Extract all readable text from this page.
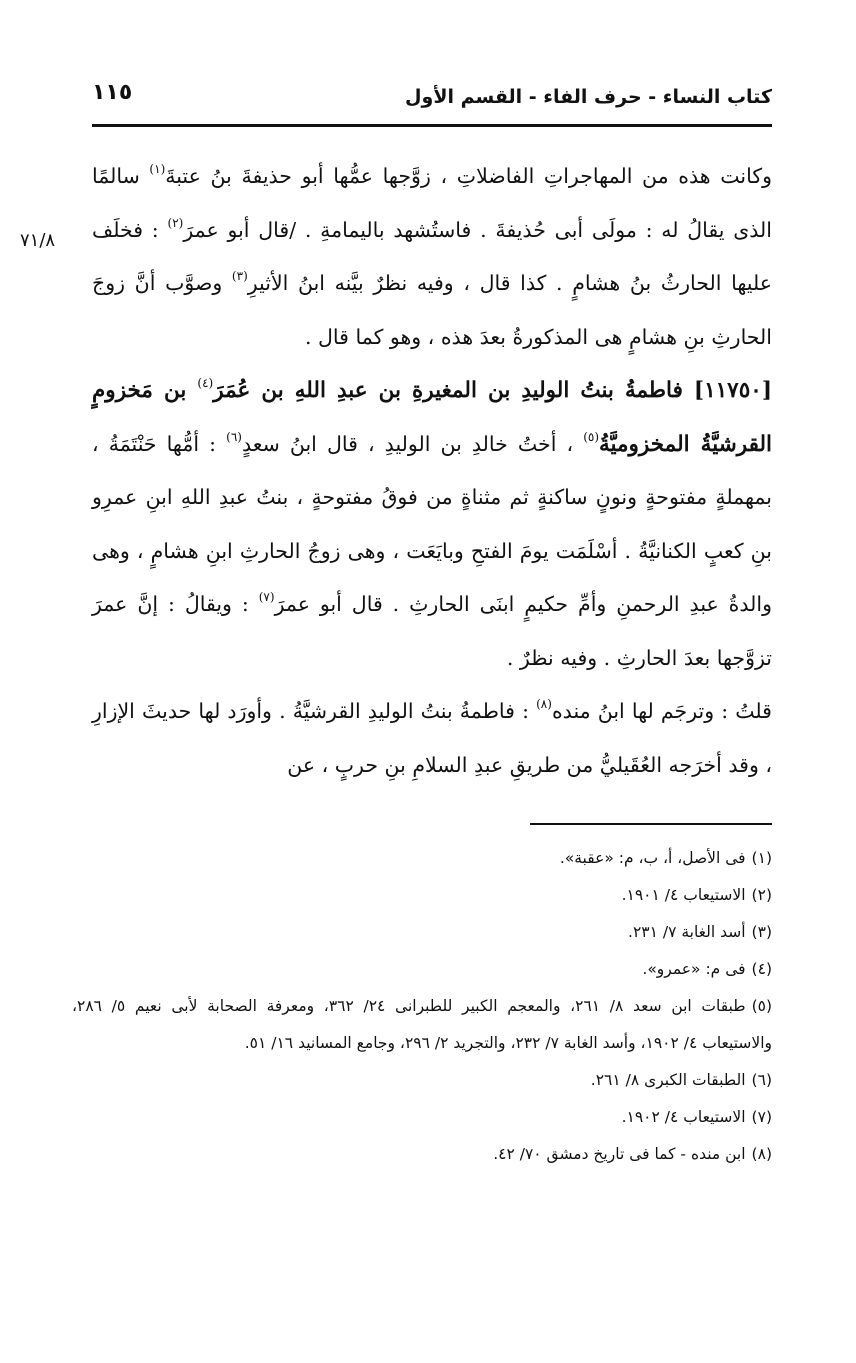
كتاب النساء - حرف الفاء - القسم الأول
١١٥
٧١/٨

وكانت هذه من المهاجراتِ الفاضلاتِ ، زوَّجها عمُّها أبو حذيفةَ بنُ عتبةَ$^{(١)}$ سالمًا الذى يقالُ له : مولَى أبى حُذيفةَ . فاستُشهد باليمامةِ . /قال أبو عمرَ$^{(٢)}$ : فخلَف عليها الحارثُ بنُ هشامٍ . كذا قال ، وفيه نظرٌ بيَّنه ابنُ الأثيرِ$^{(٣)}$ وصوَّب أنَّ زوجَ الحارثِ بنِ هشامٍ هى المذكورةُ بعدَ هذه ، وهو كما قال .

[١١٧٥٠] فاطمةُ بنتُ الوليدِ بن المغيرةِ بن عبدِ اللهِ بن عُمَرَ$^{(٤)}$ بن مَخزومٍ القرشيَّةُ المخزوميَّةُ$^{(٥)}$ ، أختُ خالدِ بن الوليدِ ، قال ابنُ سعدٍ$^{(٦)}$ : أمُّها حَنْتَمَةُ ، بمهملةٍ مفتوحةٍ ونونٍ ساكنةٍ ثم مثناةٍ من فوقُ مفتوحةٍ ، بنتُ عبدِ اللهِ ابنِ عمرِو بنِ كعبٍ الكنانيَّةُ . أسْلَمَت يومَ الفتحِ وبايَعَت ، وهى زوجُ الحارثِ ابنِ هشامٍ ، وهى والدةُ عبدِ الرحمنِ وأمِّ حكيمٍ ابنَى الحارثِ . قال أبو عمرَ$^{(٧)}$ : ويقالُ : إنَّ عمرَ تزوَّجها بعدَ الحارثِ . وفيه نظرٌ .

قلتُ : وترجَم لها ابنُ منده$^{(٨)}$ : فاطمةُ بنتُ الوليدِ القرشيَّةُ . وأورَد لها حديثَ الإزارِ ، وقد أخرَجه العُقَيليُّ من طريقِ عبدِ السلامِ بنِ حربٍ ، عن

(١)فى الأصل، أ، ب، م: «عقبة».
(٢)الاستيعاب ٤/ ١٩٠١.
(٣)أسد الغابة ٧/ ٢٣١.
(٤)فى م: «عمرو».
(٥)طبقات ابن سعد ٨/ ٢٦١، والمعجم الكبير للطبرانى ٢٤/ ٣٦٢، ومعرفة الصحابة لأبى نعيم ٥/ ٢٨٦، والاستيعاب ٤/ ١٩٠٢، وأسد الغابة ٧/ ٢٣٢، والتجريد ٢/ ٢٩٦، وجامع المسانيد ١٦/ ٥١.
(٦)الطبقات الكبرى ٨/ ٢٦١.
(٧)الاستيعاب ٤/ ١٩٠٢.
(٨)ابن منده - كما فى تاريخ دمشق ٧٠/ ٤٢.
